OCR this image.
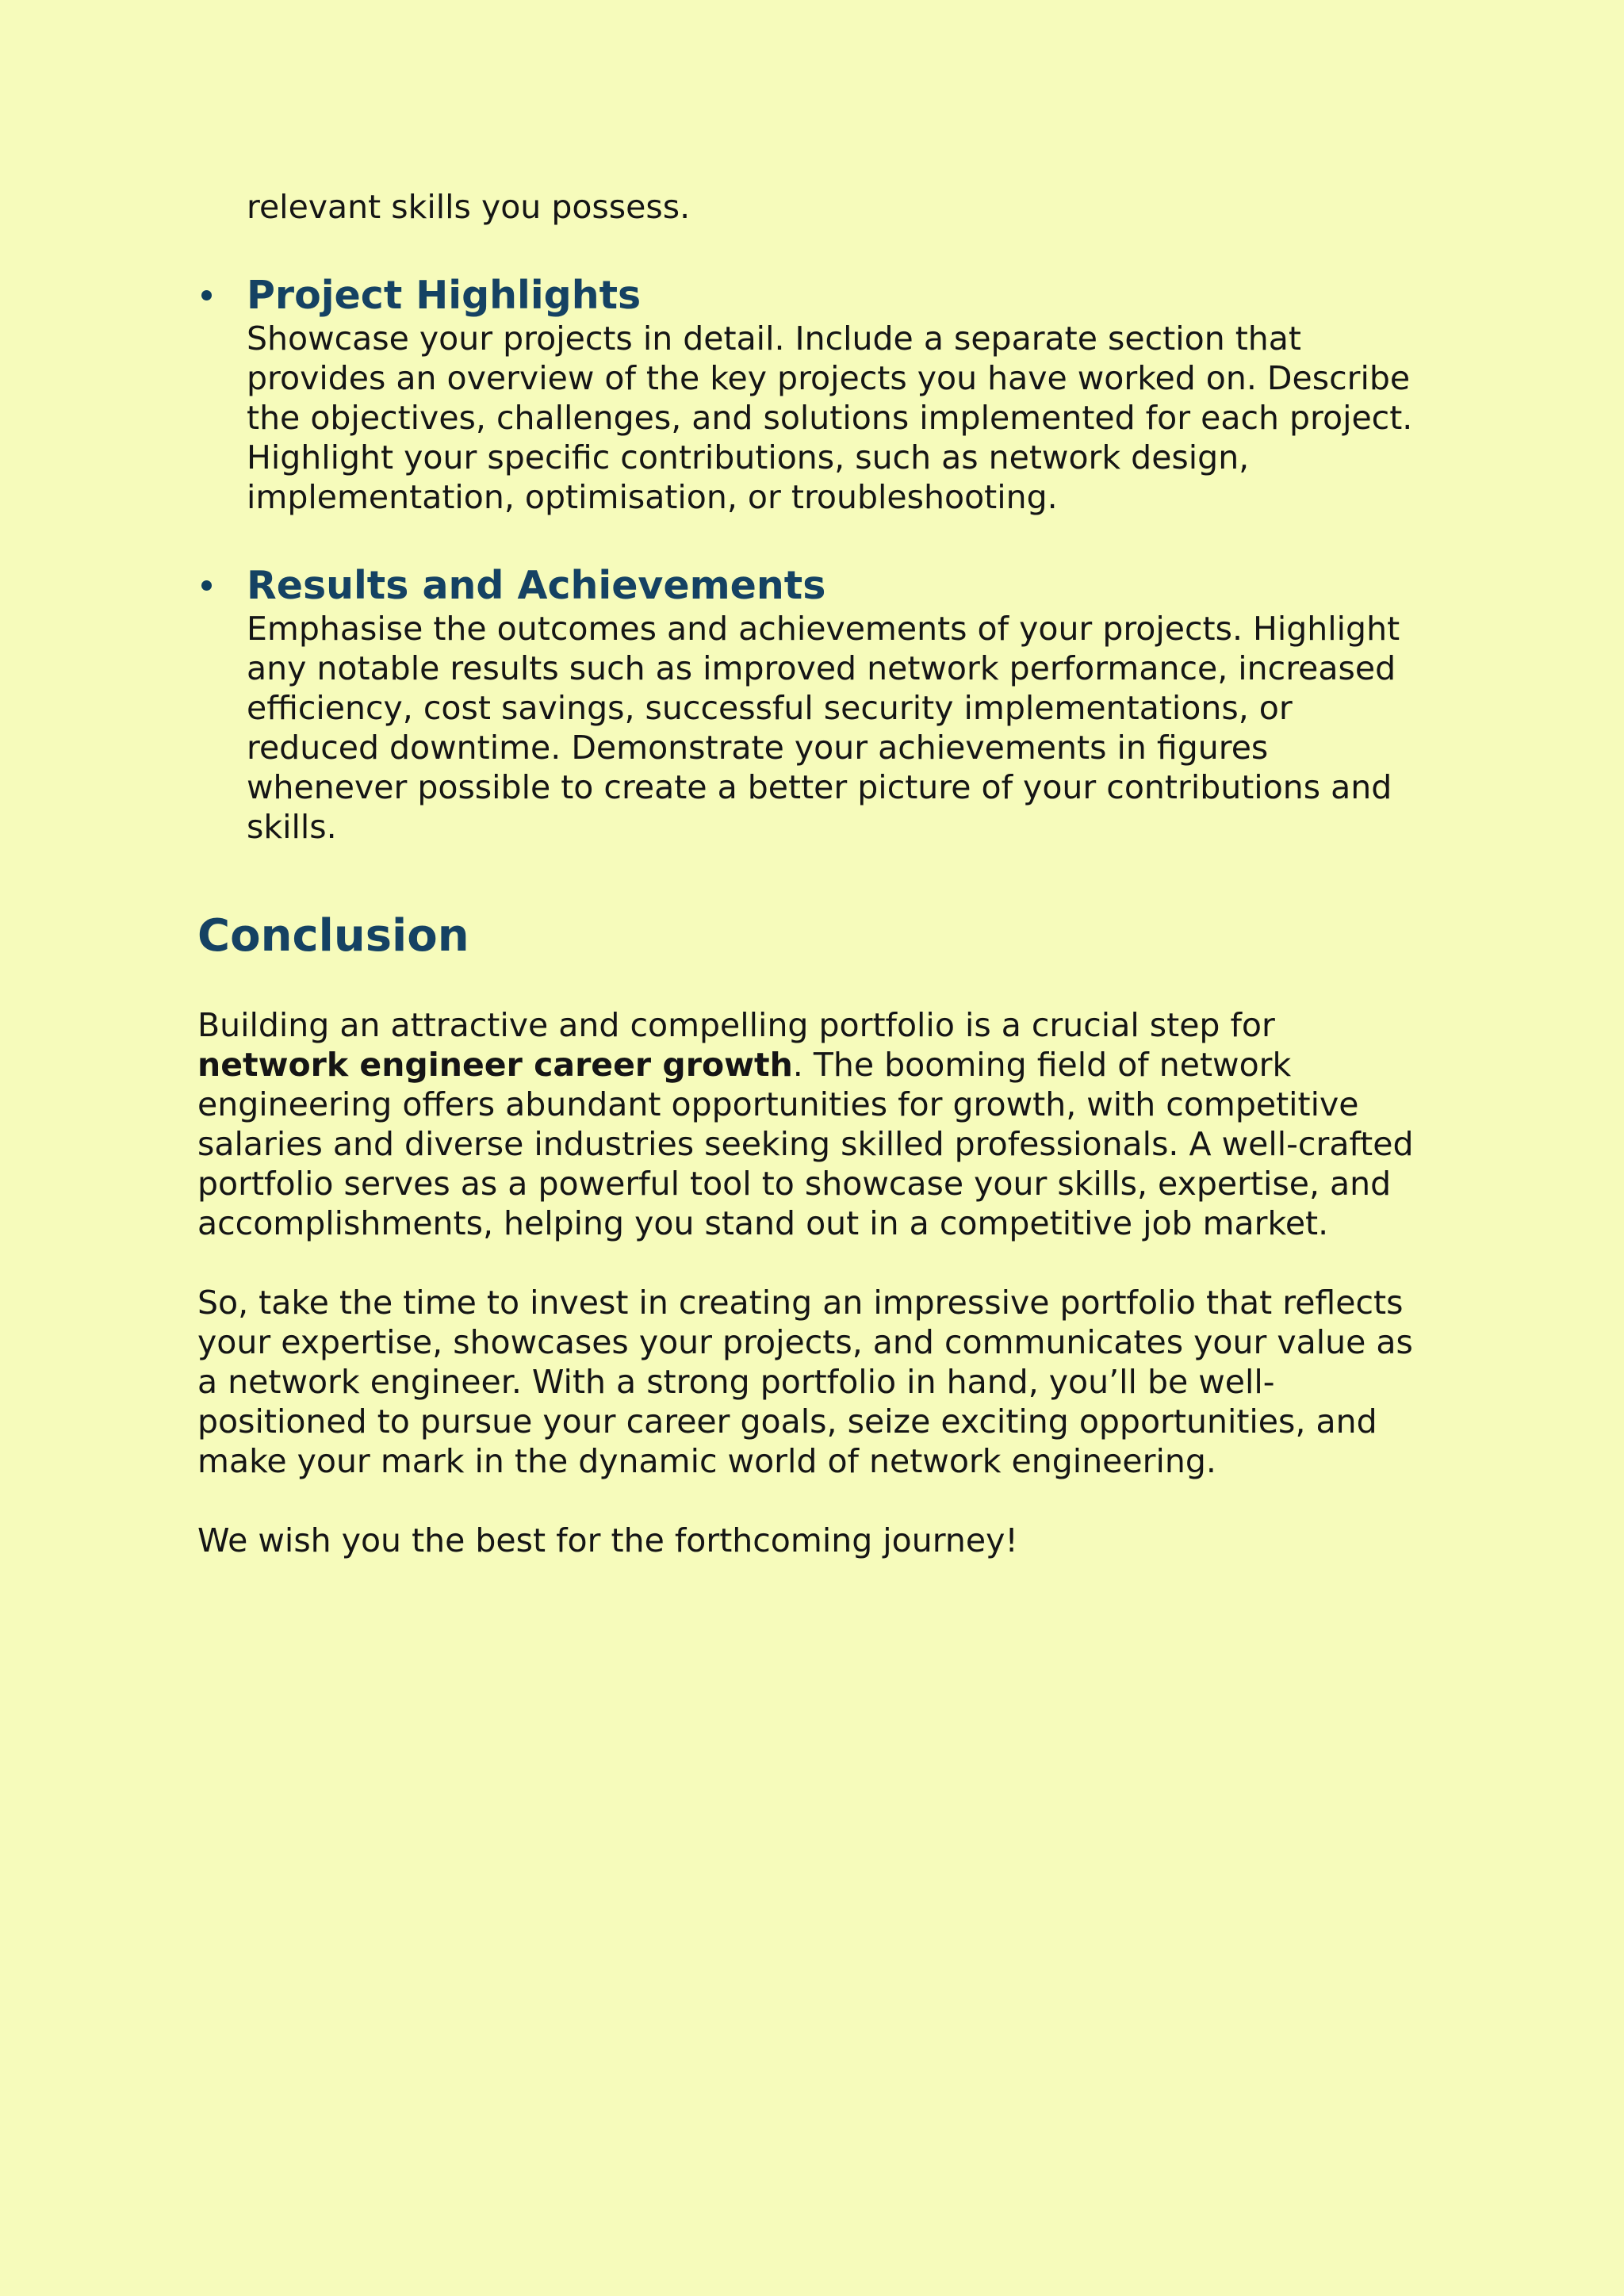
relevant skills you possess.

Project Highlights
Showcase your projects in detail. Include a separate section that provides an overview of the key projects you have worked on. Describe the objectives, challenges, and solutions implemented for each project. Highlight your specific contributions, such as network design, implementation, optimisation, or troubleshooting.
Results and Achievements
Emphasise the outcomes and achievements of your projects. Highlight any notable results such as improved network performance, increased efficiency, cost savings, successful security implementations, or reduced downtime. Demonstrate your achievements in figures whenever possible to create a better picture of your contributions and skills.
Conclusion

Building an attractive and compelling portfolio is a crucial step for network engineer career growth. The booming field of network engineering offers abundant opportunities for growth, with competitive salaries and diverse industries seeking skilled professionals. A well-crafted portfolio serves as a powerful tool to showcase your skills, expertise, and accomplishments, helping you stand out in a competitive job market.

So, take the time to invest in creating an impressive portfolio that reflects your expertise, showcases your projects, and communicates your value as a network engineer. With a strong portfolio in hand, you’ll be well-positioned to pursue your career goals, seize exciting opportunities, and make your mark in the dynamic world of network engineering.

We wish you the best for the forthcoming journey!
